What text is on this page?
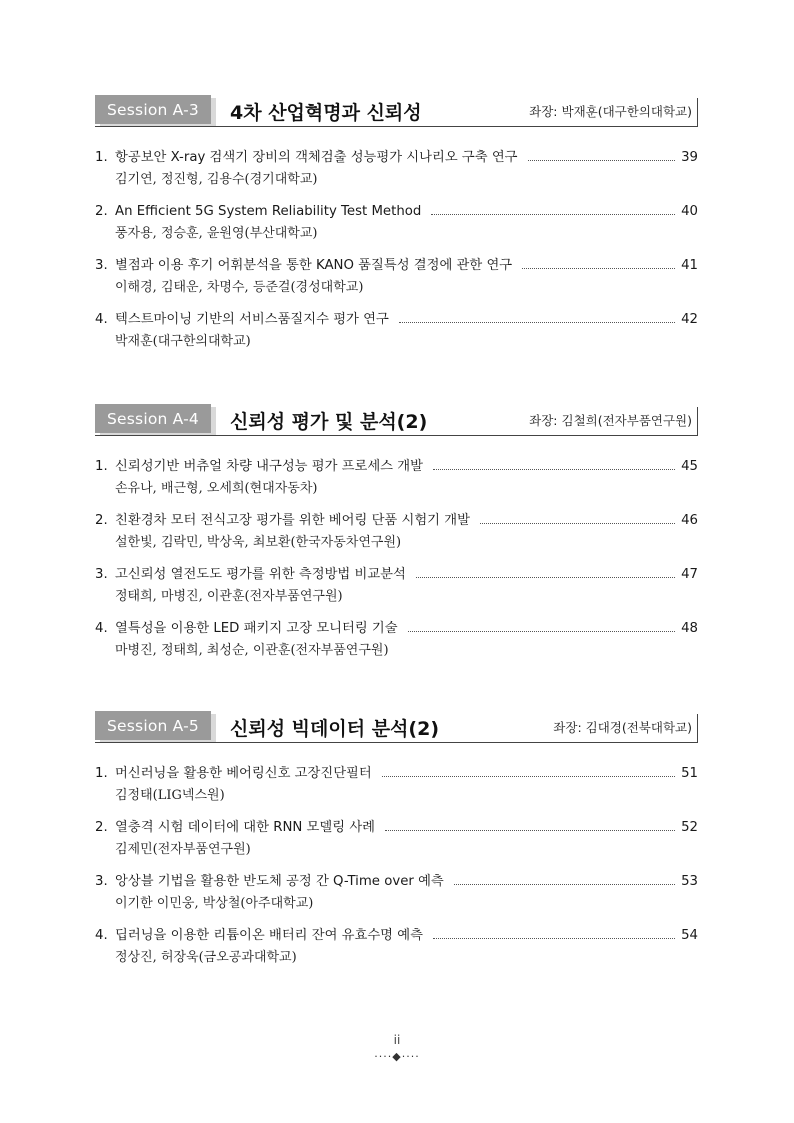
Session A-3	4차 산업혁명과 신뢰성	좌장: 박재훈(대구한의대학교)
1. 항공보안 X-ray 검색기 장비의 객체검출 성능평가 시나리오 구축 연구	39
김기연, 정진형, 김용수(경기대학교)
2. An Efficient 5G System Reliability Test Method	40
풍자용, 정승훈, 윤원영(부산대학교)
3. 별점과 이용 후기 어휘분석을 통한 KANO 품질특성 결정에 관한 연구	41
이해경, 김태운, 차명수, 등준걸(경성대학교)
4. 텍스트마이닝 기반의 서비스품질지수 평가 연구	42
박재훈(대구한의대학교)
Session A-4	신뢰성 평가 및 분석(2)	좌장: 김철희(전자부품연구원)
1. 신뢰성기반 버츄얼 차량 내구성능 평가 프로세스 개발	45
손유나, 배근형, 오세희(현대자동차)
2. 친환경차 모터 전식고장 평가를 위한 베어링 단품 시험기 개발	46
설한빛, 김락민, 박상욱, 최보환(한국자동차연구원)
3. 고신뢰성 열전도도 평가를 위한 측정방법 비교분석	47
정태희, 마병진, 이관훈(전자부품연구원)
4. 열특성을 이용한 LED 패키지 고장 모니터링 기술	48
마병진, 정태희, 최성순, 이관훈(전자부품연구원)
Session A-5	신뢰성 빅데이터 분석(2)	좌장: 김대경(전북대학교)
1. 머신러닝을 활용한 베어링신호 고장진단필터	51
김정태(LIG넥스원)
2. 열충격 시험 데이터에 대한 RNN 모델링 사례	52
김제민(전자부품연구원)
3. 앙상블 기법을 활용한 반도체 공정 간 Q-Time over 예측	53
이기한 이민웅, 박상철(아주대학교)
4. 딥러닝을 이용한 리튬이온 배터리 잔여 유효수명 예측	54
정상진, 허장욱(금오공과대학교)
ii
····◆····
